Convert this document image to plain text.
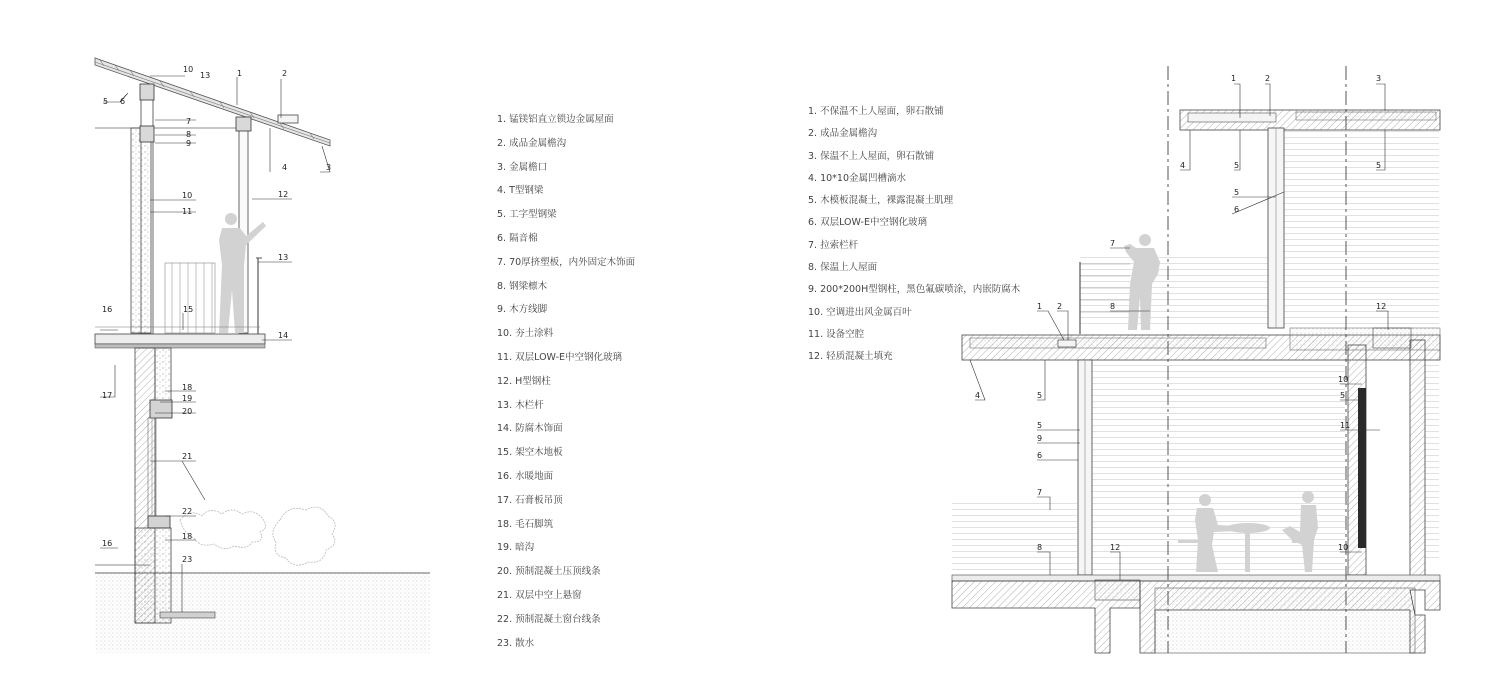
10
13	1	2
5 6
7
8
9
4	3
10
11
12
13
15
16
14
17
18
19
20
21
22
18
16
23
1	2	3
4	5	5
5
6
7
8
1 2	12
4	5
5
9
6
7
8	12
10
5
11
10
1. 锰镁铝直立锁边金属屋面
2. 成品金属檐沟
3. 金属檐口
4. T型钢梁
5. 工字型钢梁
6. 隔音棉
7. 70厚挤塑板，内外固定木饰面
8. 钢梁檩木
9. 木方线脚
10. 夯土涂料
11. 双层LOW-E中空钢化玻璃
12. H型钢柱
13. 木栏杆
14. 防腐木饰面
15. 架空木地板
16. 水暖地面
17. 石膏板吊顶
18. 毛石脚筑
19. 暗沟
20. 预制混凝土压顶线条
21. 双层中空上悬窗
22. 预制混凝土窗台线条
23. 散水
1. 不保温不上人屋面，卵石散铺
2. 成品金属檐沟
3. 保温不上人屋面，卵石散铺
4. 10*10金属凹槽滴水
5. 木模板混凝土，裸露混凝土肌理
6. 双层LOW-E中空钢化玻璃
7. 拉索栏杆
8. 保温上人屋面
9. 200*200H型钢柱，黑色氟碳喷涂，内嵌防腐木
10. 空调进出风金属百叶
11. 设备空腔
12. 轻质混凝土填充
